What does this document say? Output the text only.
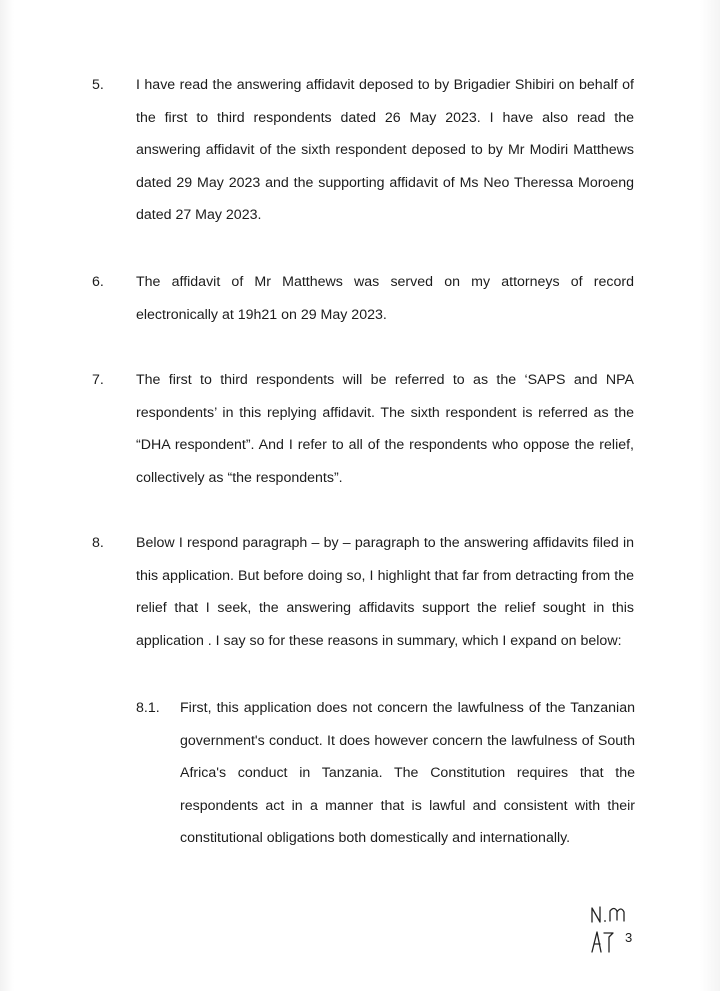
5. I have read the answering affidavit deposed to by Brigadier Shibiri on behalf of the first to third respondents dated 26 May 2023. I have also read the answering affidavit of the sixth respondent deposed to by Mr Modiri Matthews dated 29 May 2023 and the supporting affidavit of Ms Neo Theressa Moroeng dated 27 May 2023.
6. The affidavit of Mr Matthews was served on my attorneys of record electronically at 19h21 on 29 May 2023.
7. The first to third respondents will be referred to as the ‘SAPS and NPA respondents’ in this replying affidavit. The sixth respondent is referred as the “DHA respondent”. And I refer to all of the respondents who oppose the relief, collectively as “the respondents”.
8. Below I respond paragraph – by – paragraph to the answering affidavits filed in this application. But before doing so, I highlight that far from detracting from the relief that I seek, the answering affidavits support the relief sought in this application . I say so for these reasons in summary, which I expand on below:
8.1. First, this application does not concern the lawfulness of the Tanzanian government's conduct. It does however concern the lawfulness of South Africa's conduct in Tanzania. The Constitution requires that the respondents act in a manner that is lawful and consistent with their constitutional obligations both domestically and internationally.
3
